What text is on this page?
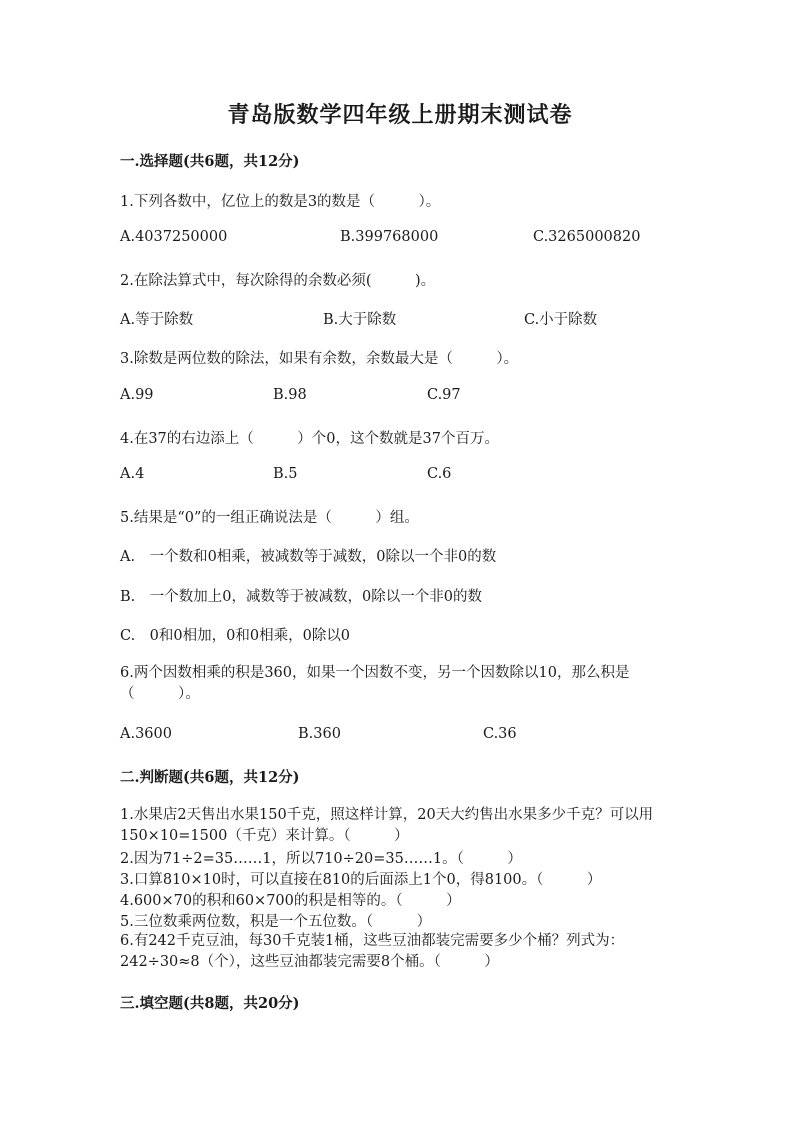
青岛版数学四年级上册期末测试卷
一.选择题(共6题，共12分)
1.下列各数中，亿位上的数是3的数是（　　　）。
A.4037250000	B.399768000	C.3265000820
2.在除法算式中，每次除得的余数必须(　　　)。
A.等于除数	B.大于除数	C.小于除数
3.除数是两位数的除法，如果有余数，余数最大是（　　　）。
A.99	B.98	C.97
4.在37的右边添上（　　　）个0，这个数就是37个百万。
A.4	B.5	C.6
5.结果是“0”的一组正确说法是（　　　）组。
A.　一个数和0相乘，被减数等于减数，0除以一个非0的数
B.　一个数加上0，减数等于被减数，0除以一个非0的数
C.　0和0相加，0和0相乘，0除以0
6.两个因数相乘的积是360，如果一个因数不变，另一个因数除以10，那么积是（　　　）。
A.3600	B.360	C.36
二.判断题(共6题，共12分)
1.水果店2天售出水果150千克，照这样计算，20天大约售出水果多少千克？可以用150×10=1500（千克）来计算。（　　　）
2.因为71÷2=35……1，所以710÷20=35……1。（　　　）
3.口算810×10时，可以直接在810的后面添上1个0，得8100。（　　　）
4.600×70的积和60×700的积是相等的。（　　　）
5.三位数乘两位数，积是一个五位数。（　　　）
6.有242千克豆油，每30千克装1桶，这些豆油都装完需要多少个桶？列式为：242÷30≈8（个），这些豆油都装完需要8个桶。（　　　）
三.填空题(共8题，共20分)
